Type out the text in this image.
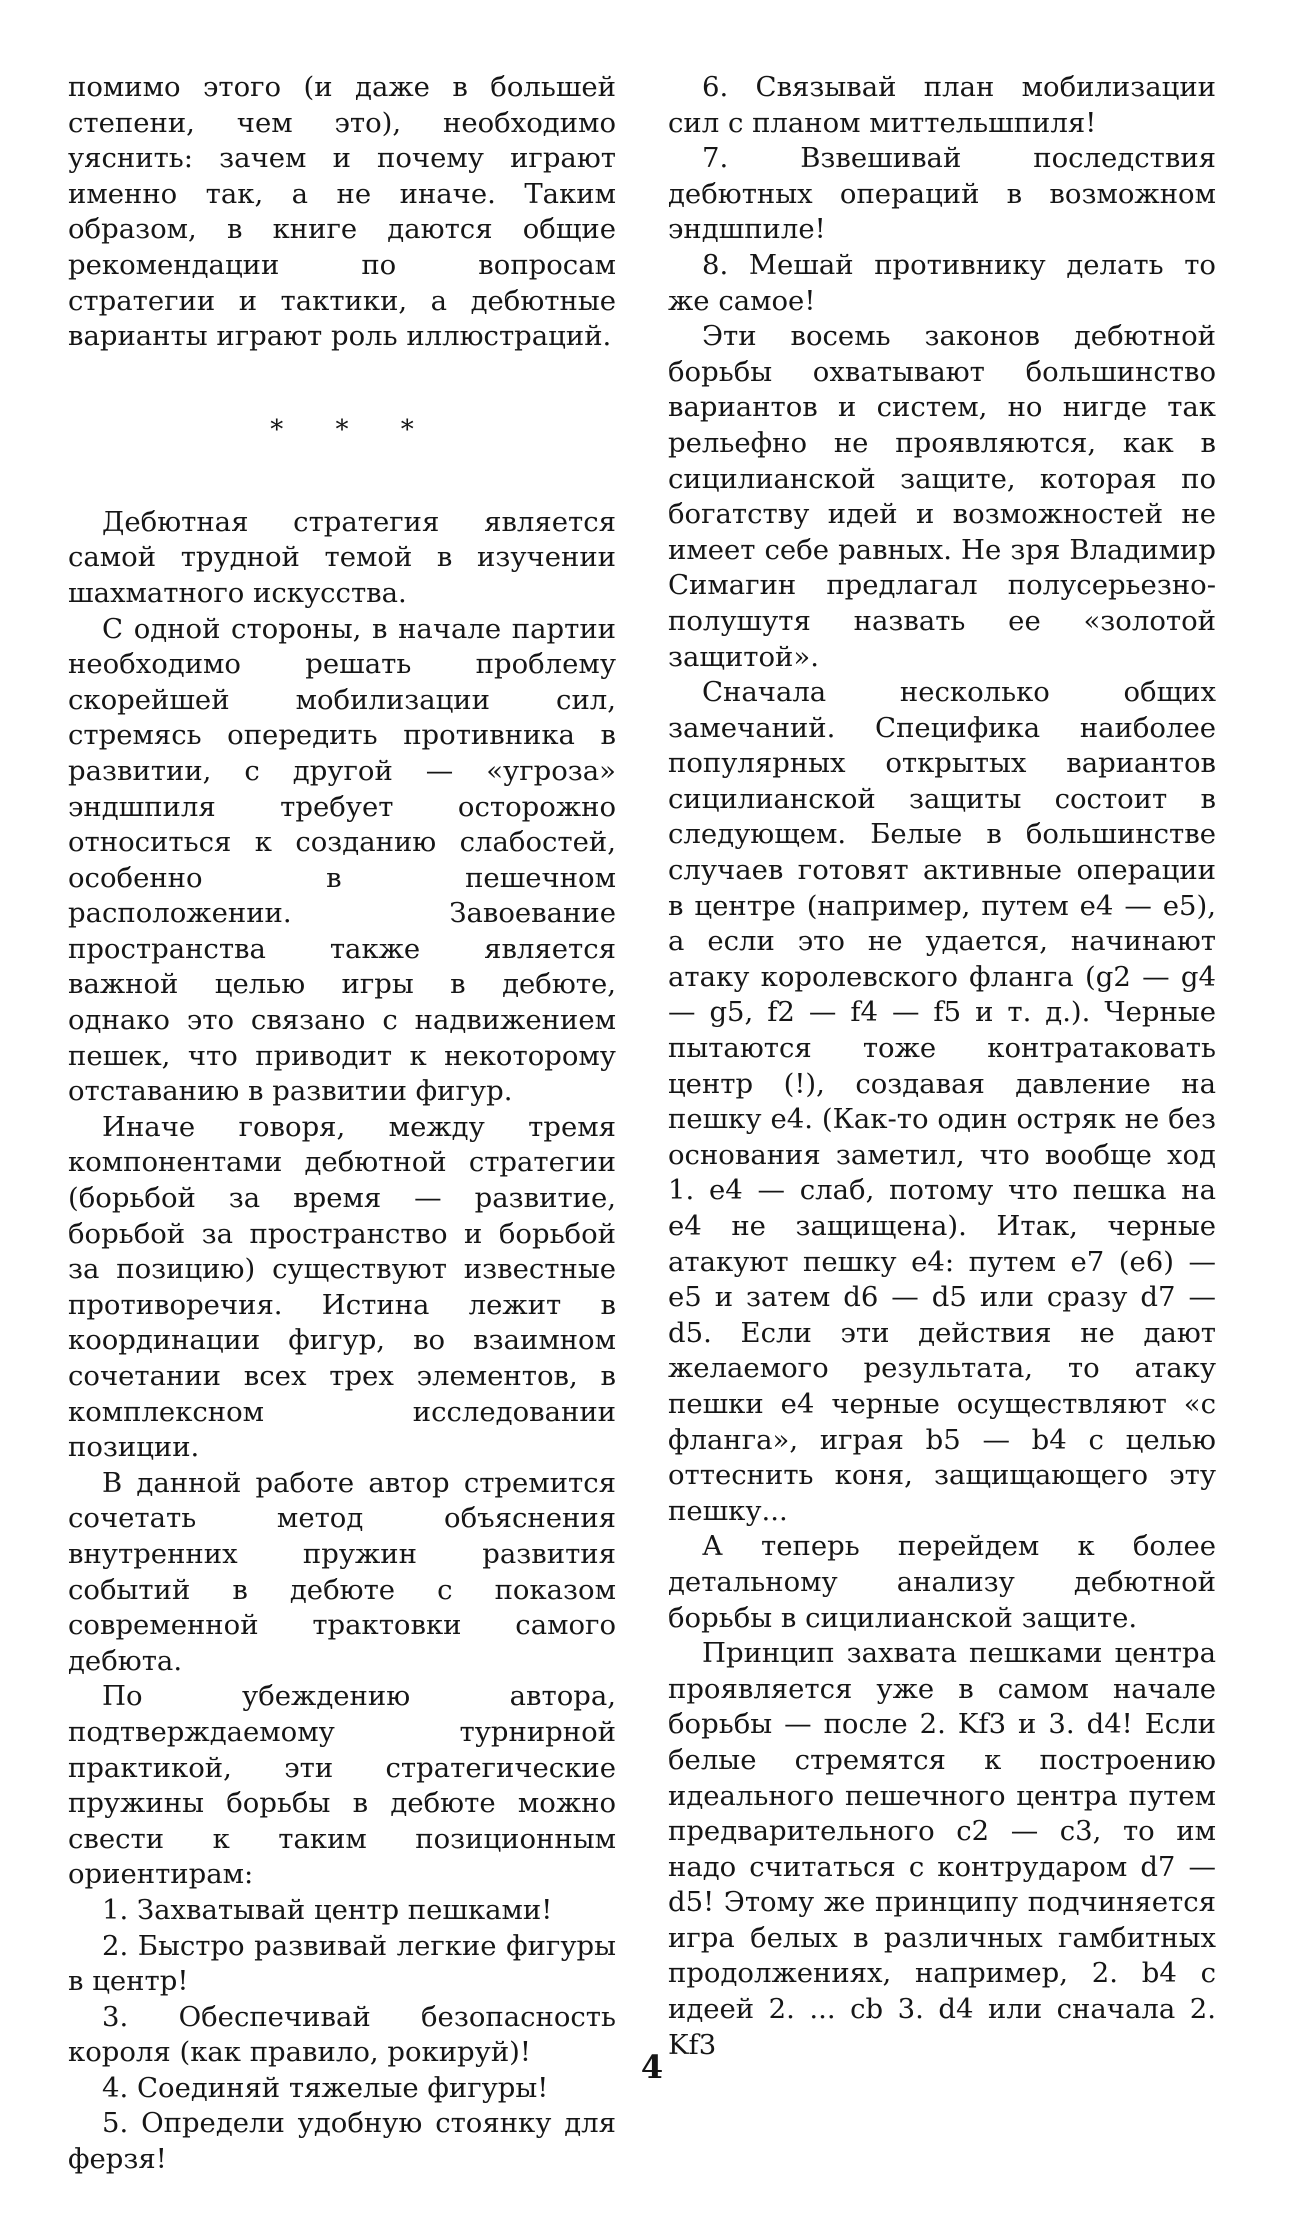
помимо этого (и даже в большей степени, чем это), необходимо уяснить: зачем и почему играют именно так, а не иначе. Таким образом, в книге даются общие рекомендации по вопросам стратегии и тактики, а дебютные варианты играют роль иллюстраций.

* * *

Дебютная стратегия является самой трудной темой в изучении шахматного искусства.

С одной стороны, в начале партии необходимо решать проблему скорейшей мобилизации сил, стремясь опередить противника в развитии, с другой — «угроза» эндшпиля требует осторожно относиться к созданию слабостей, особенно в пешечном расположении. Завоевание пространства также является важной целью игры в дебюте, однако это связано с надвижением пешек, что приводит к некоторому отставанию в развитии фигур.

Иначе говоря, между тремя компонентами дебютной стратегии (борьбой за время — развитие, борьбой за пространство и борьбой за позицию) существуют известные противоречия. Истина лежит в координации фигур, во взаимном сочетании всех трех элементов, в комплексном исследовании позиции.

В данной работе автор стремится сочетать метод объяснения внутренних пружин развития событий в дебюте с показом современной трактовки самого дебюта.

По убеждению автора, подтверждаемому турнирной практикой, эти стратегические пружины борьбы в дебюте можно свести к таким позиционным ориентирам:

1. Захватывай центр пешками!

2. Быстро развивай легкие фигуры в центр!

3. Обеспечивай безопасность короля (как правило, рокируй)!

4. Соединяй тяжелые фигуры!

5. Определи удобную стоянку для ферзя!

6. Связывай план мобилизации сил с планом миттельшпиля!

7. Взвешивай последствия дебютных операций в возможном эндшпиле!

8. Мешай противнику делать то же самое!

Эти восемь законов дебютной борьбы охватывают большинство вариантов и систем, но нигде так рельефно не проявляются, как в сицилианской защите, которая по богатству идей и возможностей не имеет себе равных. Не зря Владимир Симагин предлагал полусерьезно-полушутя назвать ее «золотой защитой».

Сначала несколько общих замечаний. Специфика наиболее популярных открытых вариантов сицилианской защиты состоит в следующем. Белые в большинстве случаев готовят активные операции в центре (например, путем e4 — e5), а если это не удается, начинают атаку королевского фланга (g2 — g4 — g5, f2 — f4 — f5 и т. д.). Черные пытаются тоже контратаковать центр (!), создавая давление на пешку e4. (Как-то один остряк не без основания заметил, что вообще ход 1. e4 — слаб, потому что пешка на e4 не защищена). Итак, черные атакуют пешку e4: путем e7 (e6) — e5 и затем d6 — d5 или сразу d7 — d5. Если эти действия не дают желаемого результата, то атаку пешки e4 черные осуществляют «с фланга», играя b5 — b4 с целью оттеснить коня, защищающего эту пешку...

А теперь перейдем к более детальному анализу дебютной борьбы в сицилианской защите.

Принцип захвата пешками центра проявляется уже в самом начале борьбы — после 2. Kf3 и 3. d4! Если белые стремятся к построению идеального пешечного центра путем предварительного c2 — c3, то им надо считаться с контрударом d7 — d5! Этому же принципу подчиняется игра белых в различных гамбитных продолжениях, например, 2. b4 с идеей 2. ... cb 3. d4 или сначала 2. Kf3

4
